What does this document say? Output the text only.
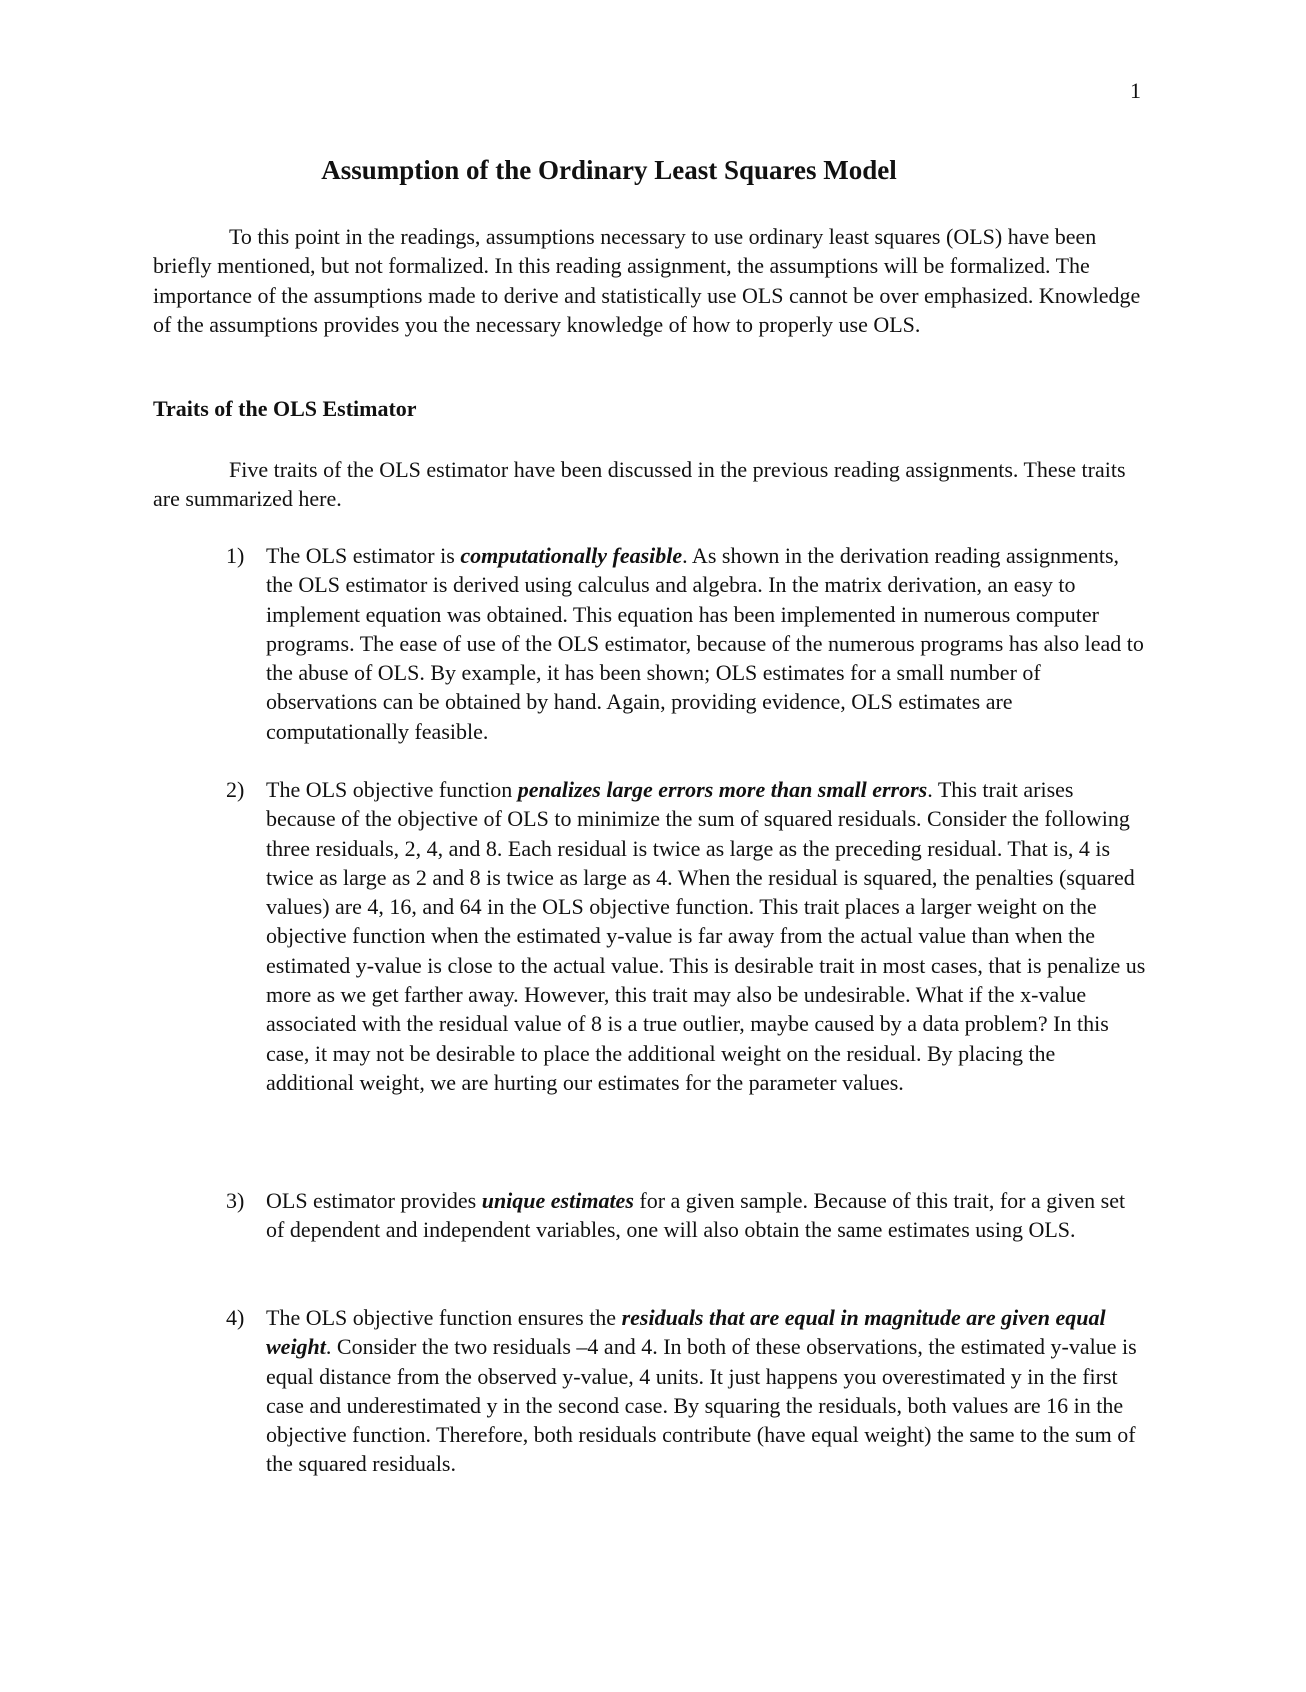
1
Assumption of the Ordinary Least Squares Model

To this point in the readings, assumptions necessary to use ordinary least squares (OLS) have been briefly mentioned, but not formalized. In this reading assignment, the assumptions will be formalized. The importance of the assumptions made to derive and statistically use OLS cannot be over emphasized. Knowledge of the assumptions provides you the necessary knowledge of how to properly use OLS.

Traits of the OLS Estimator

Five traits of the OLS estimator have been discussed in the previous reading assignments. These traits are summarized here.

1) The OLS estimator is computationally feasible. As shown in the derivation reading assignments, the OLS estimator is derived using calculus and algebra. In the matrix derivation, an easy to implement equation was obtained. This equation has been implemented in numerous computer programs. The ease of use of the OLS estimator, because of the numerous programs has also lead to the abuse of OLS. By example, it has been shown; OLS estimates for a small number of observations can be obtained by hand. Again, providing evidence, OLS estimates are computationally feasible.
2) The OLS objective function penalizes large errors more than small errors. This trait arises because of the objective of OLS to minimize the sum of squared residuals. Consider the following three residuals, 2, 4, and 8. Each residual is twice as large as the preceding residual. That is, 4 is twice as large as 2 and 8 is twice as large as 4. When the residual is squared, the penalties (squared values) are 4, 16, and 64 in the OLS objective function. This trait places a larger weight on the objective function when the estimated y-value is far away from the actual value than when the estimated y-value is close to the actual value. This is desirable trait in most cases, that is penalize us more as we get farther away. However, this trait may also be undesirable. What if the x-value associated with the residual value of 8 is a true outlier, maybe caused by a data problem? In this case, it may not be desirable to place the additional weight on the residual. By placing the additional weight, we are hurting our estimates for the parameter values.
3) OLS estimator provides unique estimates for a given sample. Because of this trait, for a given set of dependent and independent variables, one will also obtain the same estimates using OLS.
4) The OLS objective function ensures the residuals that are equal in magnitude are given equal weight. Consider the two residuals –4 and 4. In both of these observations, the estimated y-value is equal distance from the observed y-value, 4 units. It just happens you overestimated y in the first case and underestimated y in the second case. By squaring the residuals, both values are 16 in the objective function. Therefore, both residuals contribute (have equal weight) the same to the sum of the squared residuals.
